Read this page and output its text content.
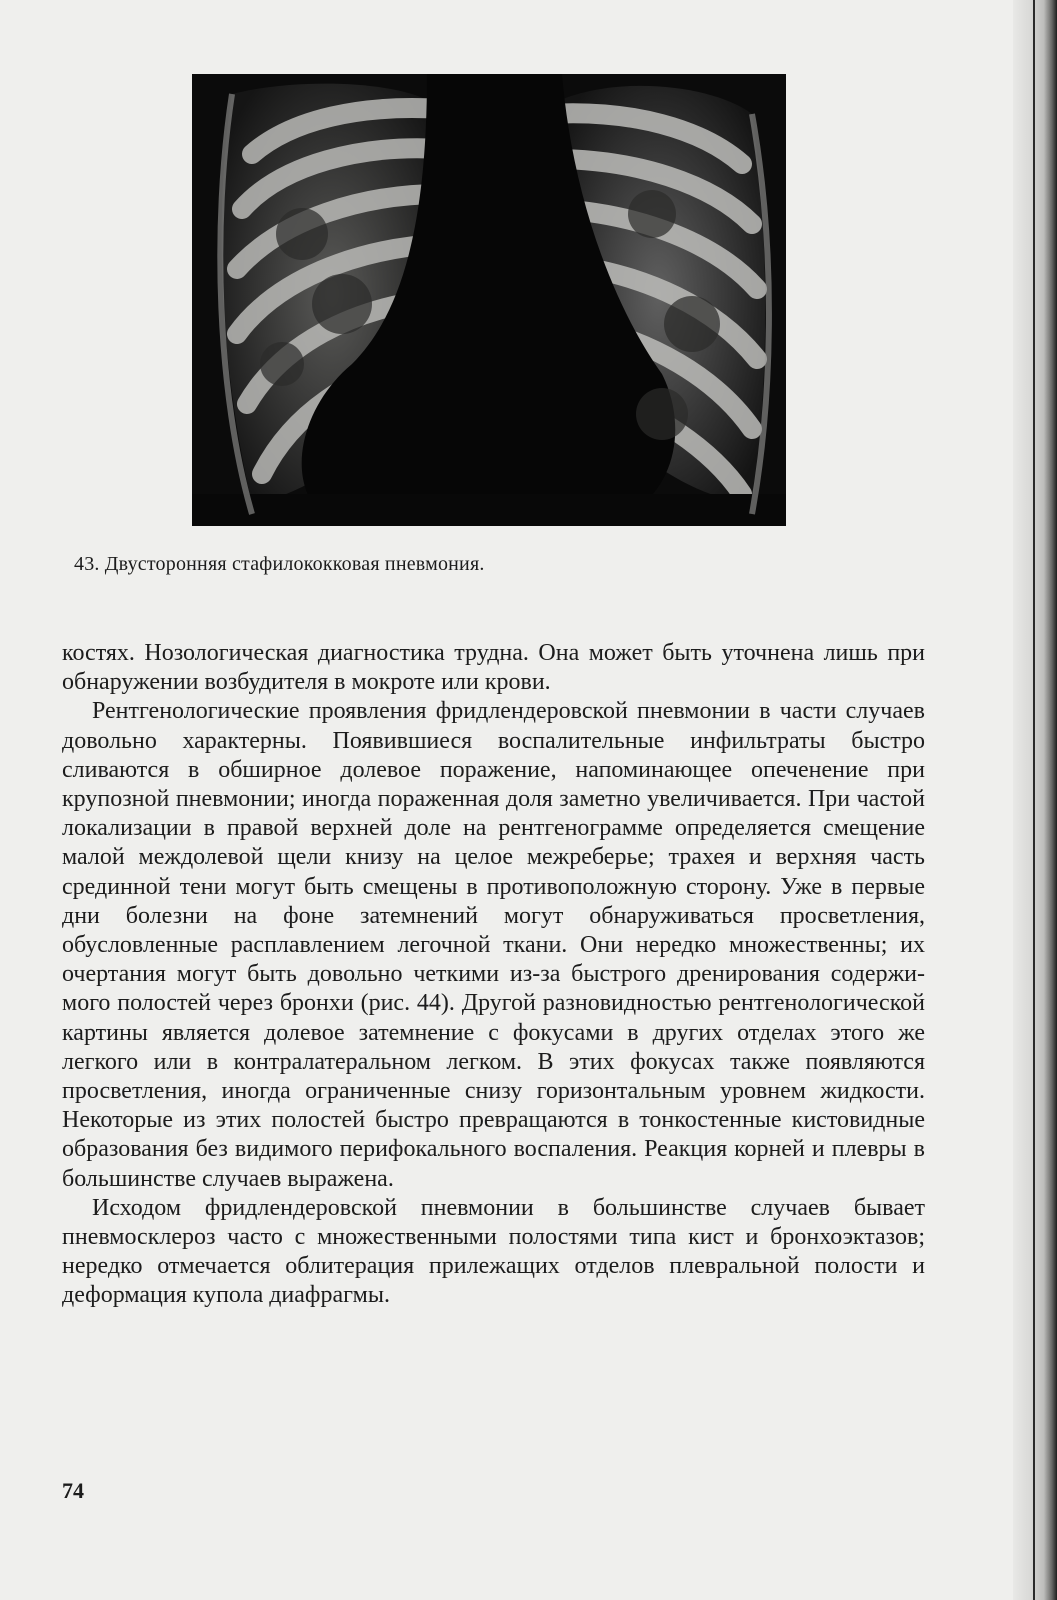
43. Двусторонняя стафилококковая пневмония.

костях. Нозологическая диагностика трудна. Она может быть уточнена лишь при обнаружении возбудителя в мокроте или крови.

Рентгенологические проявления фридлендеровской пневмонии в части случаев довольно характерны. Появившиеся воспалительные инфильтраты быстро сливаются в обширное долевое поражение, напоминающее опеченение при крупозной пневмонии; иногда пораженная доля заметно увеличивается. При частой локализации в правой верхней доле на рентгенограмме определяется смещение малой междолевой щели книзу на целое межреберье; трахея и верхняя часть срединной тени могут быть смещены в противоположную сторону. Уже в первые дни болезни на фоне затемнений могут обнаруживаться просветления, обусловленные расплавлением легочной ткани. Они нередко множественны; их очертания могут быть довольно четкими из-за быстрого дренирования содержимого полостей через бронхи (рис. 44). Другой разновидностью рентгенологической картины является долевое затемнение с фокусами в других отделах этого же легкого или в контралатеральном легком. В этих фокусах также появляются просветления, иногда ограниченные снизу горизонтальным уровнем жидкости. Некоторые из этих полостей быстро превращаются в тонкостенные кистовидные образования без видимого перифокального воспаления. Реакция корней и плевры в большинстве случаев выражена.

Исходом фридлендеровской пневмонии в большинстве случаев бывает пневмосклероз часто с множественными полостями типа кист и бронхоэктазов; нередко отмечается облитерация прилежащих отделов плевральной полости и деформация купола диафрагмы.

74
